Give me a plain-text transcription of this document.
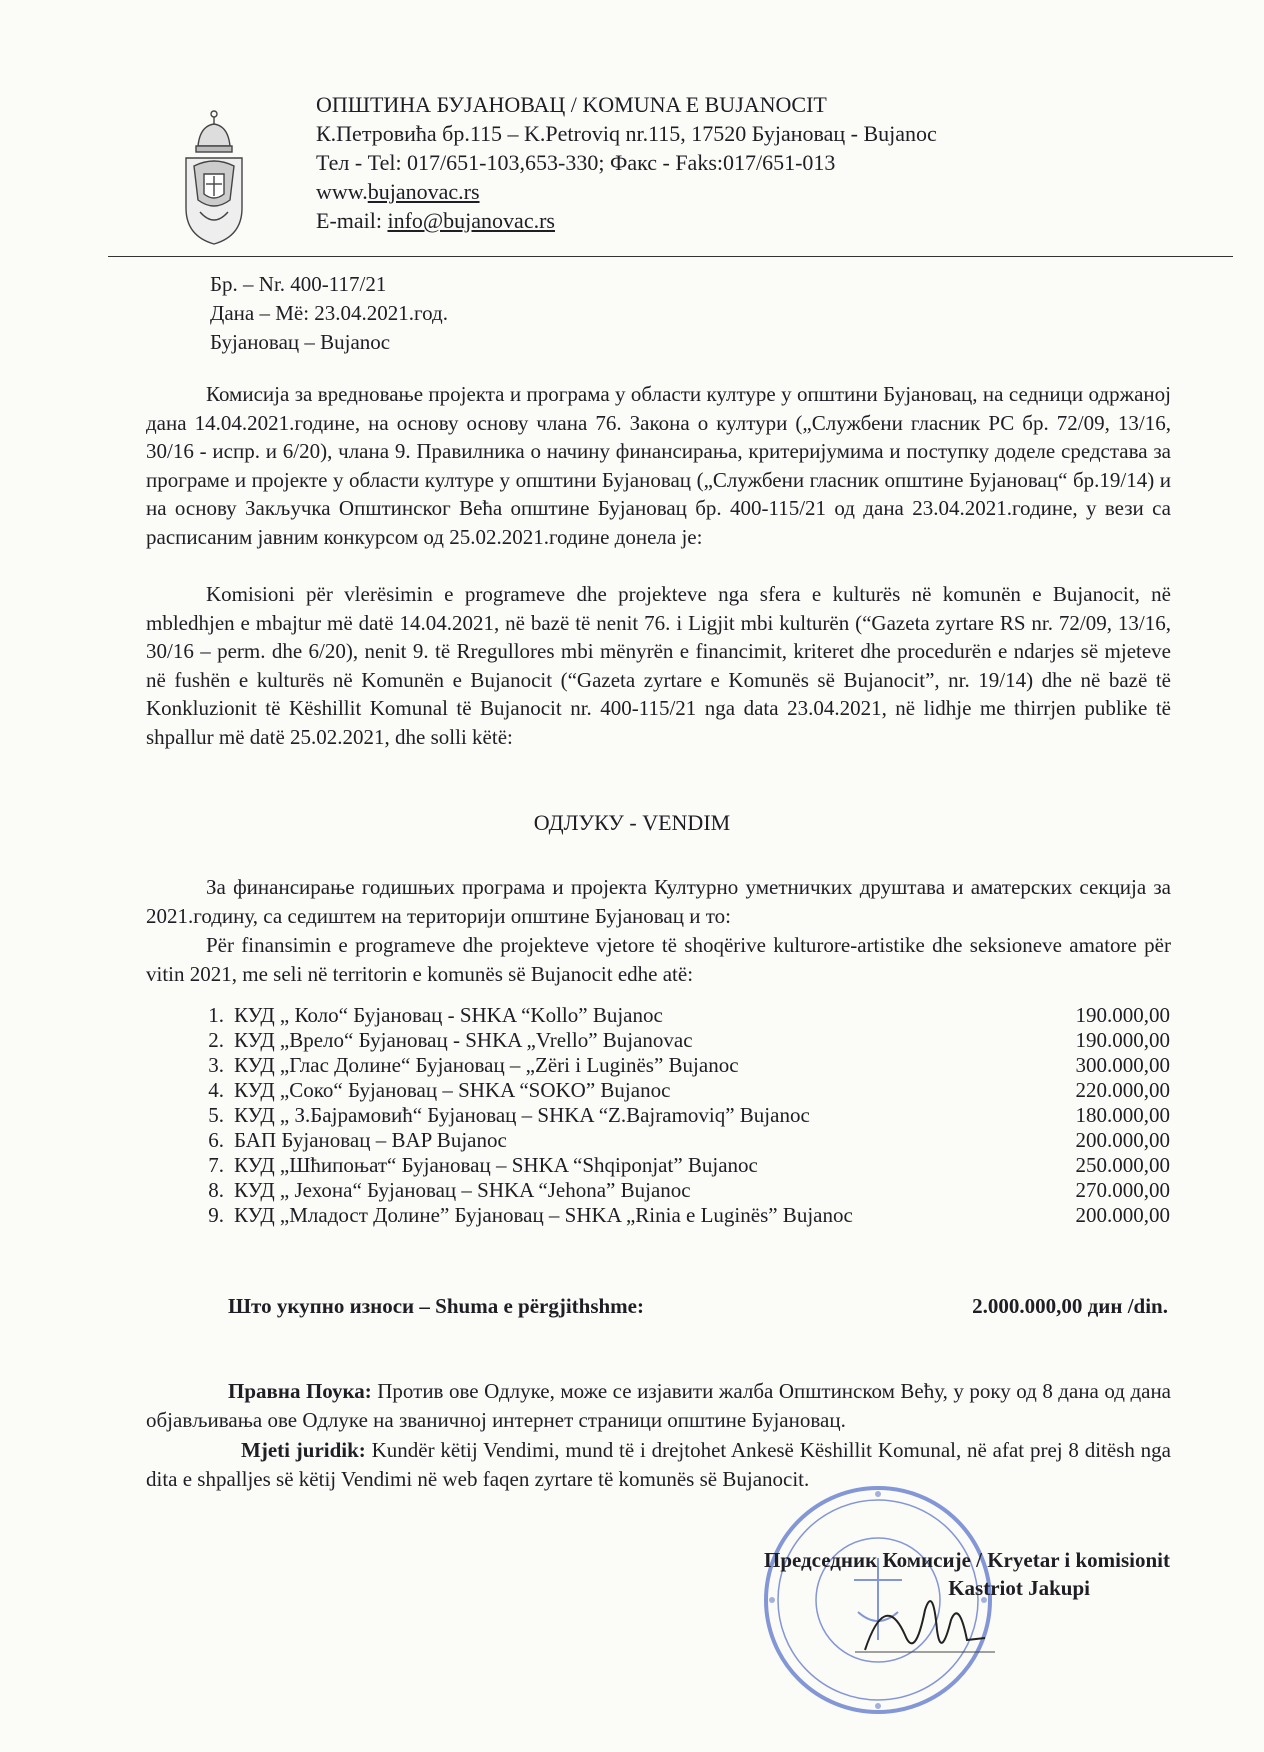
ОПШТИНА БУЈАНОВАЦ / KOMUNA E BUJANOCIT
К.Петровића бр.115 – K.Petroviq nr.115, 17520 Бујановац - Bujanoc
Тел - Tel: 017/651-103,653-330; Факс - Faks:017/651-013
www.bujanovac.rs
E-mail: info@bujanovac.rs
Бр. – Nr. 400-117/21
Дана – Më: 23.04.2021.год.
Бујановац – Bujanoc
Комисија за вредновање пројекта и програма у области културе у општини Бујановац, на седници одржаној дана 14.04.2021.године, на основу основу члана 76. Закона о култури („Службени гласник РС бр. 72/09, 13/16, 30/16 - испр. и 6/20), члана 9. Правилника о начину финансирања, критеријумима и поступку доделе средстава за програме и пројекте у области културе у општини Бујановац („Службени гласник општине Бујановац“ бр.19/14) и на основу Закључка Општинског Већа општине Бујановац бр. 400-115/21 од дана 23.04.2021.године, у вези са расписаним јавним конкурсом од 25.02.2021.године донела је:
Komisioni për vlerësimin e programeve dhe projekteve nga sfera e kulturës në komunën e Bujanocit, në mbledhjen e mbajtur më datë 14.04.2021, në bazë të nenit 76. i Ligjit mbi kulturën (“Gazeta zyrtare RS nr. 72/09, 13/16, 30/16 – perm. dhe 6/20), nenit 9. të Rregullores mbi mënyrën e financimit, kriteret dhe procedurën e ndarjes së mjeteve në fushën e kulturës në Komunën e Bujanocit (“Gazeta zyrtare e Komunës së Bujanocit”, nr. 19/14) dhe në bazë të Konkluzionit të Këshillit Komunal të Bujanocit nr. 400-115/21 nga data 23.04.2021, në lidhje me thirrjen publike të shpallur më datë 25.02.2021, dhe solli këtë:
ОДЛУКУ - VENDIM
За финансирање годишњих програма и пројекта Културно уметничких друштава и аматерских секција за 2021.годину, са седиштем на територији општине Бујановац и то:
Për finansimin e programeve dhe projekteve vjetore të shoqërive kulturore-artistike dhe seksioneve amatore për vitin 2021, me seli në territorin e komunës së Bujanocit edhe atë:
1. КУД „ Коло“ Бујановац - SHKA “Kollo” Bujanoc	190.000,00
2. КУД „Врело“ Бујановац - SHKA „Vrello” Bujanovac	190.000,00
3. КУД „Глас Долине“ Бујановац – „Zëri i Luginës” Bujanoc	300.000,00
4. КУД „Соко“ Бујановац – SHKA “SOKO” Bujanoc	220.000,00
5. КУД „ З.Бајрамовић“ Бујановац – SHKA “Z.Bajramoviq” Bujanoc	180.000,00
6. БАП Бујановац – BAP Bujanoc	200.000,00
7. КУД „Шћипоњат“ Бујановац – SHKA “Shqiponjat” Bujanoc	250.000,00
8. КУД „ Јехона“ Бујановац – SHKA “Jehona” Bujanoc	270.000,00
9. КУД „Младост Долине” Бујановац – SHKA „Rinia e Luginës” Bujanoc	200.000,00
Што укупно износи – Shuma e përgjithshme:	2.000.000,00 дин /din.
Правна Поука: Против ове Одлуке, може се изјавити жалба Општинском Већу, у року од 8 дана од дана објављивања ове Одлуке на званичној интернет страници општине Бујановац.
Mjeti juridik: Kundër këtij Vendimi, mund të i drejtohet Ankesë Këshillit Komunal, në afat prej 8 ditësh nga dita e shpalljes së këtij Vendimi në web faqen zyrtare të komunës së Bujanocit.
Председник Комисије / Kryetar i komisionit
Kastriot Jakupi
